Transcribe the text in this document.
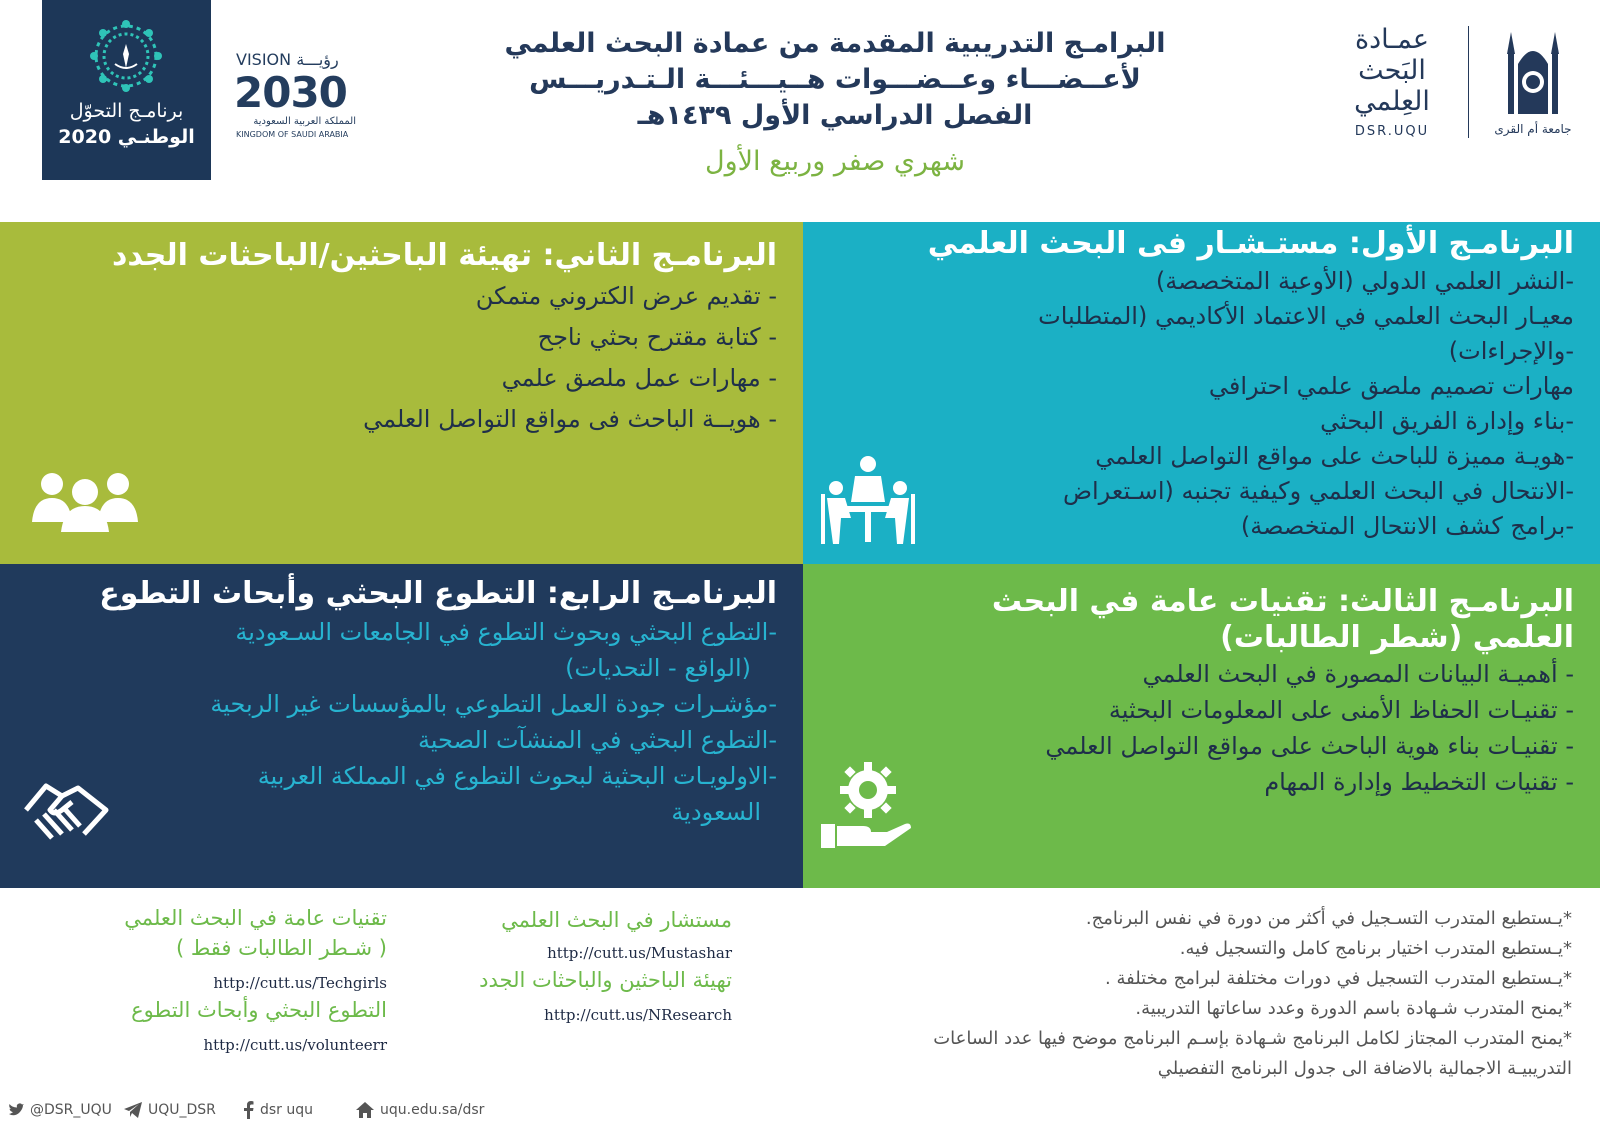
برنامـج التحوّل
الوطنـي 2020
VISION رؤيـــة
2030
المملكة العربية السعودية
KINGDOM OF SAUDI ARABIA
البرامـج التدريبية المقدمة من عمادة البحث العلمي
لأعــضـــاء وعــضـــوات هــيـــئـــة الـتـدريـــس
الفصل الدراسي الأول ١٤٣٩هـ
شهري صفر وربيع الأول
عمـادة
البَحث
العِلمي
DSR.UQU	جامعة أم القرى
البرنامـج الأول: مستـشـار فى البحث العلمي
-النشر العلمي الدولي (الأوعية المتخصصة)
معيـار البحث العلمي في الاعتماد الأكاديمي (المتطلبات
-والإجراءات)
مهارات تصميم ملصق علمي احترافي
-بناء وإدارة الفريق البحثي
-هويـة مميزة للباحث على مواقع التواصل العلمي
-الانتحال في البحث العلمي وكيفية تجنبه (اسـتعراض
-برامج كشف الانتحال المتخصصة)
البرنامـج الثاني: تهيئة الباحثين/الباحثات الجدد
- تقديم عرض الكتروني متمكن
- كتابة مقترح بحثي ناجح
- مهارات عمل ملصق علمي
- هويــة الباحث فى مواقع التواصل العلمي
البرنامـج الثالث: تقنيات عامة في البحث العلمي (شطر الطالبات)
- أهميـة البيانات المصورة في البحث العلمي
- تقنيـات الحفاظ الأمنى على المعلومات البحثية
- تقنيـات بناء هوية الباحث على مواقع التواصل العلمي
- تقنيات التخطيط وإدارة المهام
البرنامـج الرابع: التطوع البحثي وأبحاث التطوع
-التطوع البحثي وبحوث التطوع في الجامعات السـعودية
(الواقع - التحديات)
-مؤشـرات جودة العمل التطوعي بالمؤسسات غير الربحية
-التطوع البحثي في المنشآت الصحية
-الاولويـات البحثية لبحوث التطوع في المملكة العربية
السعودية
*يـستطيع المتدرب التسـجيل في أكثر من دورة في نفس البرنامج.
*يـستطيع المتدرب اختيار برنامج كامل والتسجيل فيه.
*يـستطيع المتدرب التسجيل في دورات مختلفة لبرامج مختلفة .
*يمنح المتدرب شـهادة باسم الدورة وعدد ساعاتها التدريبية.
*يمنح المتدرب المجتاز لكامل البرنامج شـهادة بإسـم البرنامج موضح فيها عدد الساعات
التدريبيـة الاجمالية بالاضافة الى جدول البرنامج التفصيلي
مستشار في البحث العلمي
http://cutt.us/Mustashar
تهيئة الباحثين والباحثات الجدد
http://cutt.us/NResearch
تقنيات عامة في البحث العلمي
( شـطر الطالبات فقط )
http://cutt.us/Techgirls
التطوع البحثي وأبحاث التطوع
http://cutt.us/volunteerr
@DSR_UQU	UQU_DSR	dsr uqu	uqu.edu.sa/dsr
